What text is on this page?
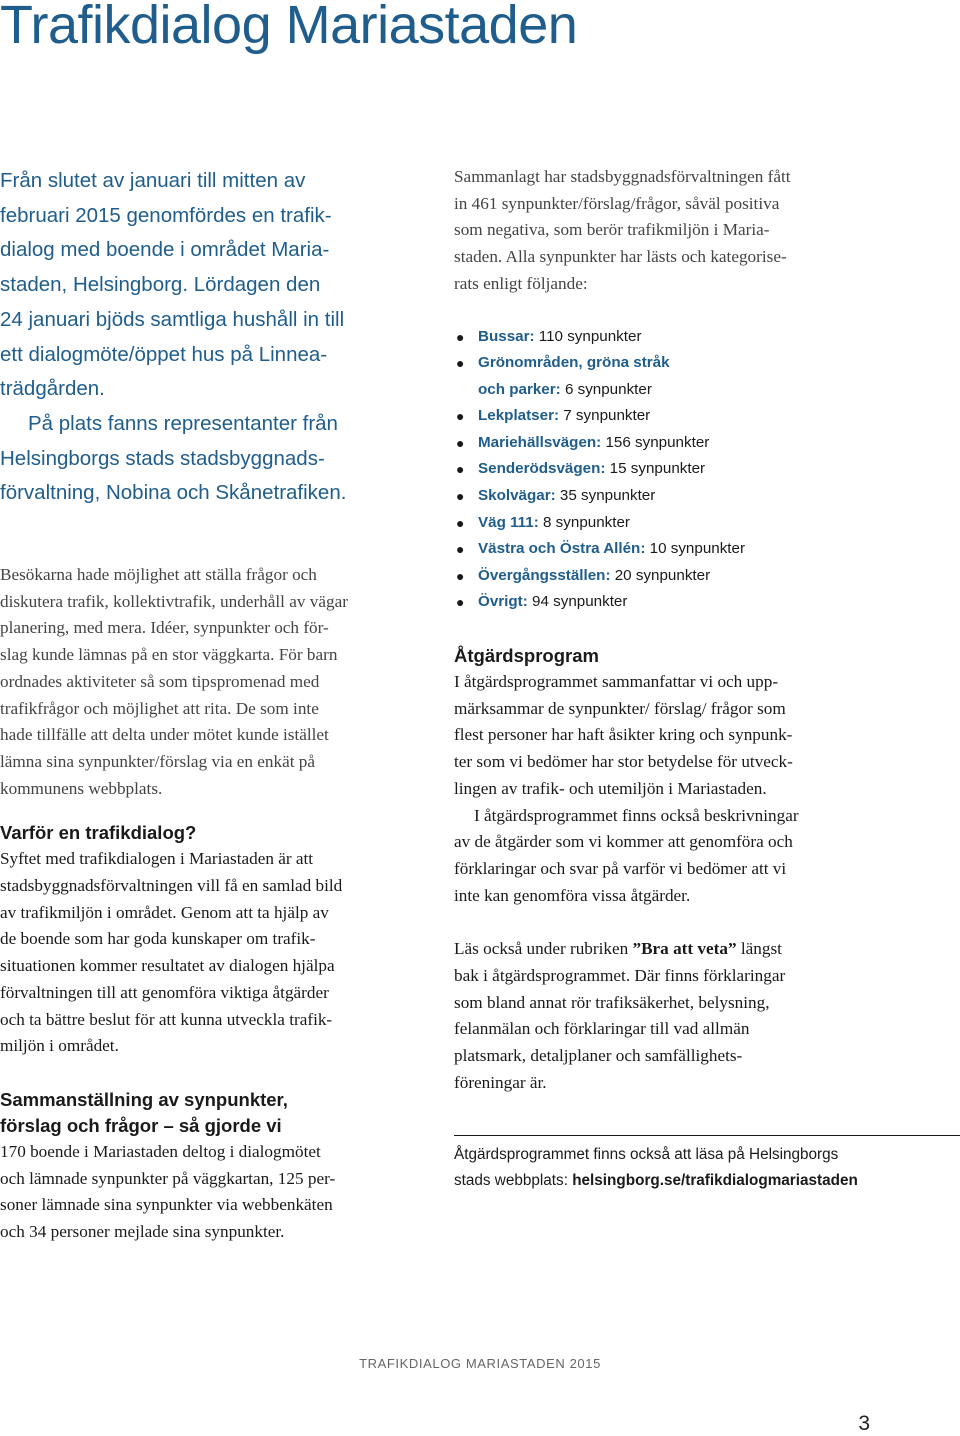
Trafikdialog Mariastaden

Från slutet av januari till mitten av
februari 2015 genomfördes en trafik-
dialog med boende i området Maria-
staden, Helsingborg. Lördagen den
24 januari bjöds samtliga hushåll in till
ett dialogmöte/öppet hus på Linnea-
trädgården.
På plats fanns representanter från
Helsingborgs stads stadsbyggnads-
förvaltning, Nobina och Skånetrafiken.

Besökarna hade möjlighet att ställa frågor och
diskutera trafik, kollektivtrafik, underhåll av vägar
planering, med mera. Idéer, synpunkter och för-
slag kunde lämnas på en stor väggkarta. För barn
ordnades aktiviteter så som tipspromenad med
trafikfrågor och möjlighet att rita. De som inte
hade tillfälle att delta under mötet kunde istället
lämna sina synpunkter/förslag via en enkät på
kommunens webbplats.

Varför en trafikdialog?

Syftet med trafikdialogen i Mariastaden är att
stadsbyggnadsförvaltningen vill få en samlad bild
av trafikmiljön i området. Genom att ta hjälp av
de boende som har goda kunskaper om trafik-
situationen kommer resultatet av dialogen hjälpa
förvaltningen till att genomföra viktiga åtgärder
och ta bättre beslut för att kunna utveckla trafik-
miljön i området.

Sammanställning av synpunkter,
förslag och frågor – så gjorde vi

170 boende i Mariastaden deltog i dialogmötet
och lämnade synpunkter på väggkartan, 125 per-
soner lämnade sina synpunkter via webbenkäten
och 34 personer mejlade sina synpunkter.

Sammanlagt har stadsbyggnadsförvaltningen fått
in 461 synpunkter/förslag/frågor, såväl positiva
som negativa, som berör trafikmiljön i Maria-
staden. Alla synpunkter har lästs och kategorise-
rats enligt följande:

● Bussar: 110 synpunkter
● Grönområden, gröna stråk
och parker: 6 synpunkter
● Lekplatser: 7 synpunkter
● Mariehällsvägen: 156 synpunkter
● Senderödsvägen: 15 synpunkter
● Skolvägar: 35 synpunkter
● Väg 111: 8 synpunkter
● Västra och Östra Allén: 10 synpunkter
● Övergångsställen: 20 synpunkter
● Övrigt: 94 synpunkter
Åtgärdsprogram

I åtgärdsprogrammet sammanfattar vi och upp-
märksammar de synpunkter/ förslag/ frågor som
flest personer har haft åsikter kring och synpunk-
ter som vi bedömer har stor betydelse för utveck-
lingen av trafik- och utemiljön i Mariastaden.
I åtgärdsprogrammet finns också beskrivningar
av de åtgärder som vi kommer att genomföra och
förklaringar och svar på varför vi bedömer att vi
inte kan genomföra vissa åtgärder.

Läs också under rubriken ”Bra att veta” längst
bak i åtgärdsprogrammet. Där finns förklaringar
som bland annat rör trafiksäkerhet, belysning,
felanmälan och förklaringar till vad allmän
platsmark, detaljplaner och samfällighets-
föreningar är.

Åtgärdsprogrammet finns också att läsa på Helsingborgs
stads webbplats: helsingborg.se/trafikdialogmariastaden

TRAFIKDIALOG MARIASTADEN 2015

3
